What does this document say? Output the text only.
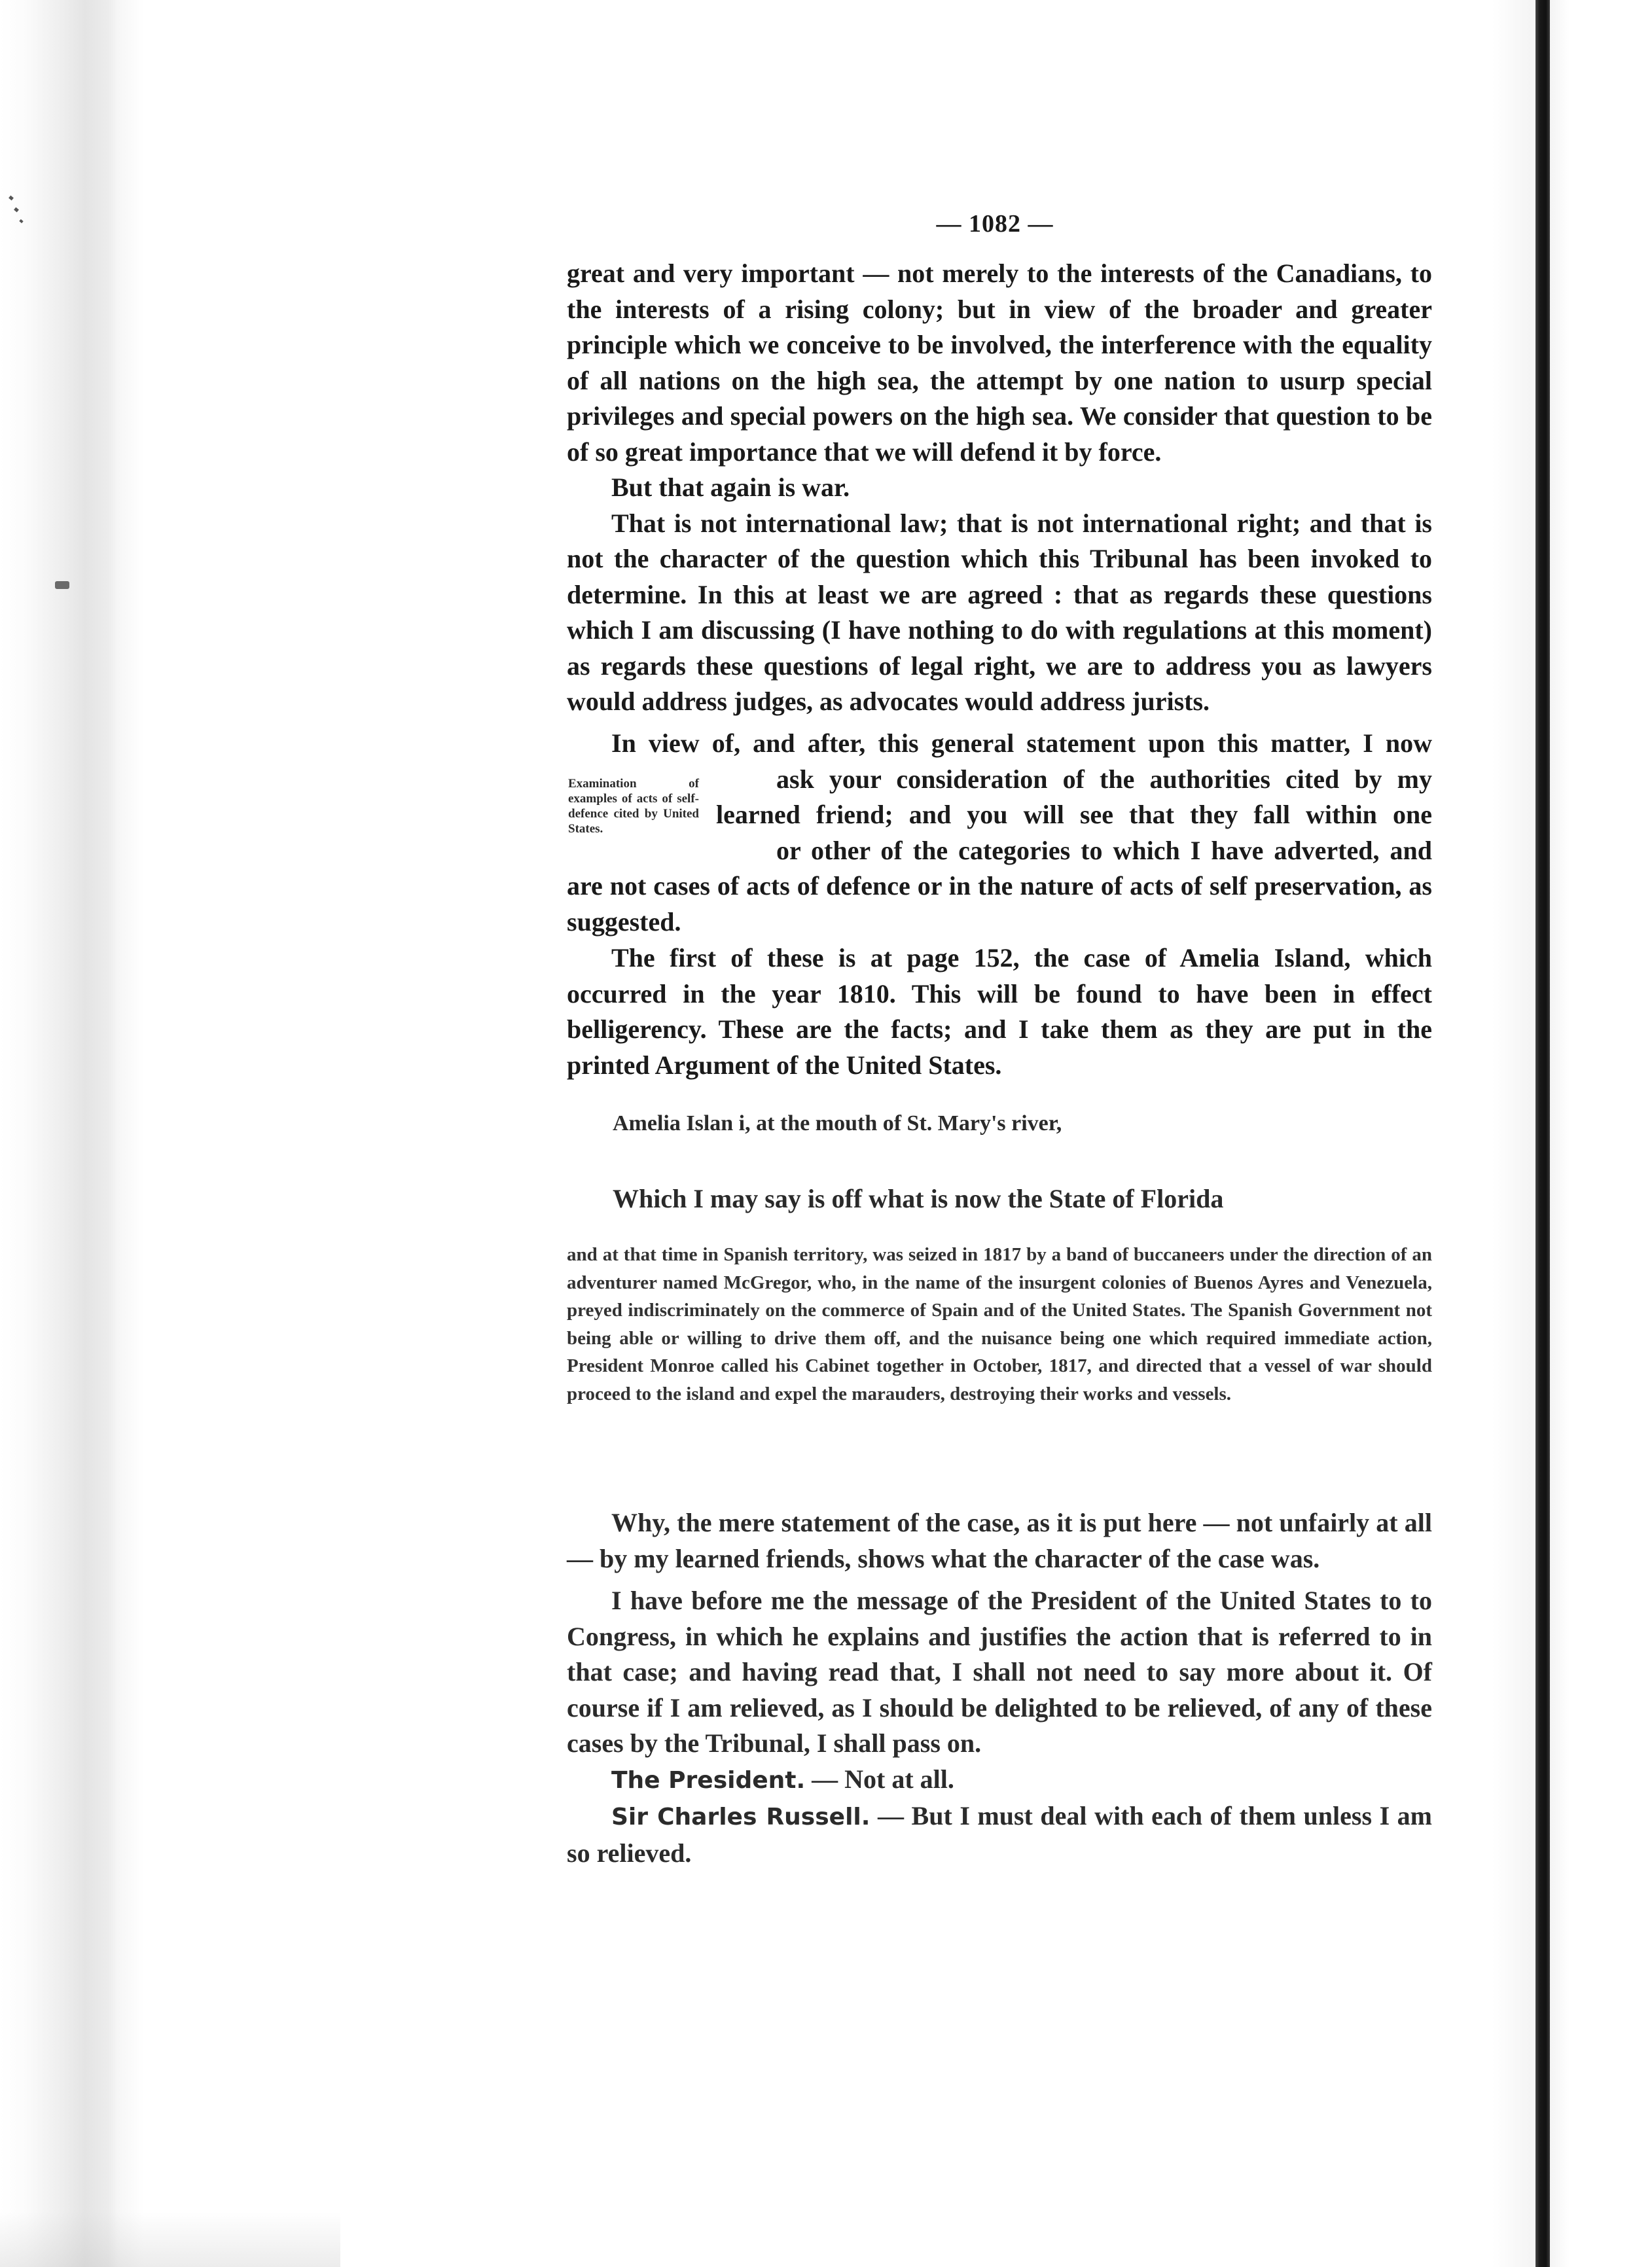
— 1082 —

great and very important — not merely to the interests of the Canadians, to the interests of a rising colony; but in view of the broader and greater principle which we conceive to be involved, the interference with the equality of all nations on the high sea, the attempt by one nation to usurp special privileges and special powers on the high sea. We consider that question to be of so great importance that we will defend it by force.

But that again is war.

That is not international law; that is not international right; and that is not the character of the question which this Tribunal has been invoked to determine. In this at least we are agreed : that as regards these questions which I am discussing (I have nothing to do with regulations at this moment) as regards these questions of legal right, we are to address you as lawyers would address judges, as advocates would address jurists.

In view of, and after, this general statement upon this matter, I now

ask your consideration of the authorities cited by my

learned friend; and you will see that they fall within one

or other of the categories to which I have adverted, and

are not cases of acts of defence or in the nature of acts of self preservation, as suggested.

Examination of examples of acts of self-defence cited by United States.

The first of these is at page 152, the case of Amelia Island, which occurred in the year 1810. This will be found to have been in effect belligerency. These are the facts; and I take them as they are put in the printed Argument of the United States.

Amelia Islan i, at the mouth of St. Mary's river,
Which I may say is off what is now the State of Florida
and at that time in Spanish territory, was seized in 1817 by a band of buccaneers under the direction of an adventurer named McGregor, who, in the name of the insurgent colonies of Buenos Ayres and Venezuela, preyed indiscriminately on the commerce of Spain and of the United States. The Spanish Government not being able or willing to drive them off, and the nuisance being one which required immediate action, President Monroe called his Cabinet together in October, 1817, and directed that a vessel of war should proceed to the island and expel the marauders, destroying their works and vessels.

Why, the mere statement of the case, as it is put here — not unfairly at all — by my learned friends, shows what the character of the case was.

I have before me the message of the President of the United States to to Congress, in which he explains and justifies the action that is referred to in that case; and having read that, I shall not need to say more about it. Of course if I am relieved, as I should be delighted to be relieved, of any of these cases by the Tribunal, I shall pass on.

The President. — Not at all.

Sir Charles Russell. — But I must deal with each of them unless I am so relieved.
